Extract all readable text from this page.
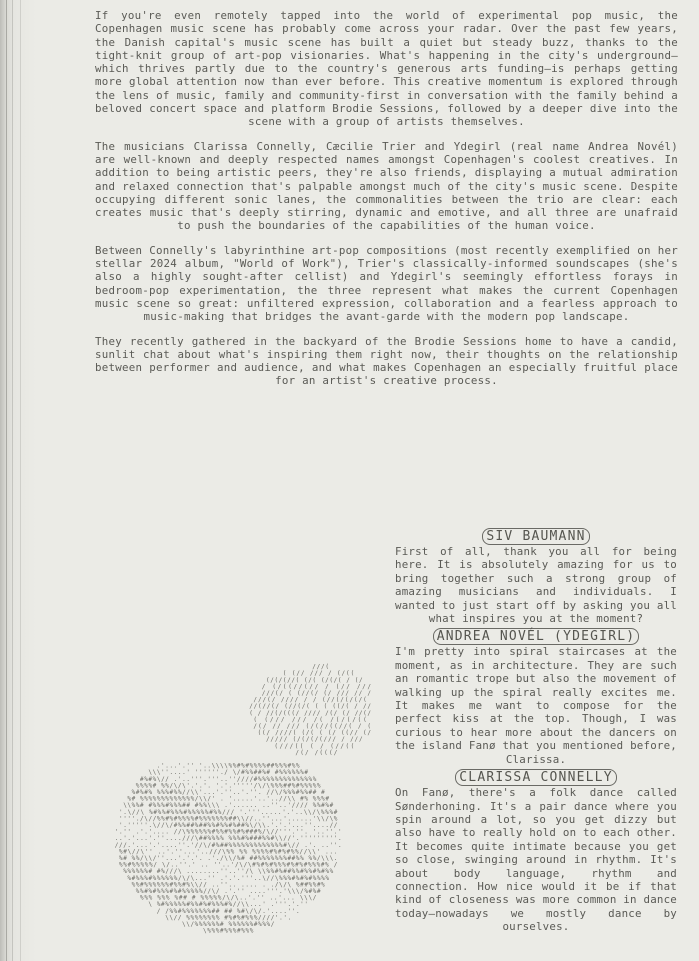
If you're even remotely tapped into the world of experimental pop music, the Copenhagen music scene has probably come across your radar. Over the past few years, the Danish capital's music scene has built a quiet but steady buzz, thanks to the tight-knit group of art-pop visionaries. What's happening in the city's underground—which thrives partly due to the country's generous arts funding—is perhaps getting more global attention now than ever before. This creative momentum is explored through the lens of music, family and community-first in conversation with the family behind a beloved concert space and platform Brodie Sessions, followed by a deeper dive into the scene with a group of artists themselves.

The musicians Clarissa Connelly, Cæcilie Trier and Ydegirl (real name Andrea Novél) are well-known and deeply respected names amongst Copenhagen's coolest creatives. In addition to being artistic peers, they're also friends, displaying a mutual admiration and relaxed connection that's palpable amongst much of the city's music scene. Despite occupying different sonic lanes, the commonalities between the trio are clear: each creates music that's deeply stirring, dynamic and emotive, and all three are unafraid to push the boundaries of the capabilities of the human voice.

Between Connelly's labyrinthine art-pop compositions (most recently exemplified on her stellar 2024 album, "World of Work"), Trier's classically-informed soundscapes (she's also a highly sought-after cellist) and Ydegirl's seemingly effortless forays in bedroom-pop experimentation, the three represent what makes the current Copenhagen music scene so great: unfiltered expression, collaboration and a fearless approach to music-making that bridges the avant-garde with the modern pop landscape.

They recently gathered in the backyard of the Brodie Sessions home to have a candid, sunlit chat about what's inspiring them right now, their thoughts on the relationship between performer and audience, and what makes Copenhagen an especially fruitful place for an artist's creative process.

///(
( (// /// / (/((
(/(/(//( (/( (/(/( / (/
/ (/((//(// / (// ///
///(/ ( (//(/ (/ /// // /
///(/ //// / / (//(/(/(/(
//(//(/ (//(/( ( ( ((/( / //
( / //(/(((/ //// /(/ (/ //(/
( (/// /// /( /(/(/((
/(/ // /// (/(//((//( / (
((/ ////( (/( ( (/ ((// (/
///// (/(/(/(/// / ///
(///(( ( / (//((
/(/ /(((/
.'...'.'' '..\\\\%%#%#%%%%##%%%#%%
\\\''....' ''''''./ \/#%%##%# #%%%%%%#
#%#%\// .'..'''.'''..''////#%%%%%%%%%%%%%%
%%%%# %%/\/\'.'.'. '.'.'''''/\/\%%%##%#%%%%%
%#%#% %%%#%%//\\'...'.''..'.''. //\/%%%#%%## #
%# %%%%%%%%%%%%%/\\/' . '.....'..'..//\\ #% %%%#
\\%%# #%%%#%%%## #%%\\\ .'...... ..''..'//// %%#%#
'.\//\ %#%%#%%%#%%%%%#%%/// '.'''.....'.'..\\/\%%%#
''''./\//%%#%#%%%%#%%%%%%%##\\//..''...'......'\\/\%
'.'''''.\//\/#%%##%##%%#%%#%##%\/\\.'.'.'...''....//
'.'' .'.'.... //\%%%%%%#%%#%%#%###%/\//'''.''. '..''.'
..'.'...'.''....///\##%%%% %%%#%###%%#\\//'.'''''''''.
///.'...'.'....''.'//\/#%##%%%%%%%%%%%%%#\// .'. ..''.
%#\//\'' ..'.''...'..///\%% %% %%%%#%#%#%%//\\' ...
%# %%/\\/''...'.'.'. .'./\\/%# ##%%%%%%%##%% %%/\\\.
%%#%%%%%/ \/..''.' .. ''..'/\/\#%#%#%%%#%#%#%%%#% /
%%%%%%# #%///\ ........''..''/\ \\%%#%##%%#%%#%#%%
%#%%%#%%%%%%/\/\...'' .'.'.'''..\//\%%%#%#%#%%%%
%%#%%%%%%#%%#%\\// ..''.. .... . ./\/\ %##%%#%
%%#%#%%%#%#%%%%%//\/ .'.'' ....'''.'\\\/%#%#
%%% %%% %## # %%%%%/\/\..'.'' ..'... \\\/
\ %#%%%%%#%%#%#%%%#%//\\...' .'''.'.''
/ /%%#%%%%%%%## ## %#\/\/.'....''.
\\// %%%%%%%% #%#%#%%%////'.'.
\\/%%%%%%# %%%%%%#%%%/
\%%%#%%%#%%%

SIV BAUMANN

First of all, thank you all for being here. It is absolutely amazing for us to bring together such a strong group of amazing musicians and individuals. I wanted to just start off by asking you all what inspires you at the moment?

ANDREA NOVÉL (YDEGIRL)

I'm pretty into spiral staircases at the moment, as in architecture. They are such an romantic trope but also the movement of walking up the spiral really excites me. It makes me want to compose for the perfect kiss at the top. Though, I was curious to hear more about the dancers on the island Fanø that you mentioned before, Clarissa.

CLARISSA CONNELLY

On Fanø, there's a folk dance called Sønderhoning. It's a pair dance where you spin around a lot, so you get dizzy but also have to really hold on to each other. It becomes quite intimate because you get so close, swinging around in rhythm. It's about body language, rhythm and connection. How nice would it be if that kind of closeness was more common in dance today—nowadays we mostly dance by ourselves.
